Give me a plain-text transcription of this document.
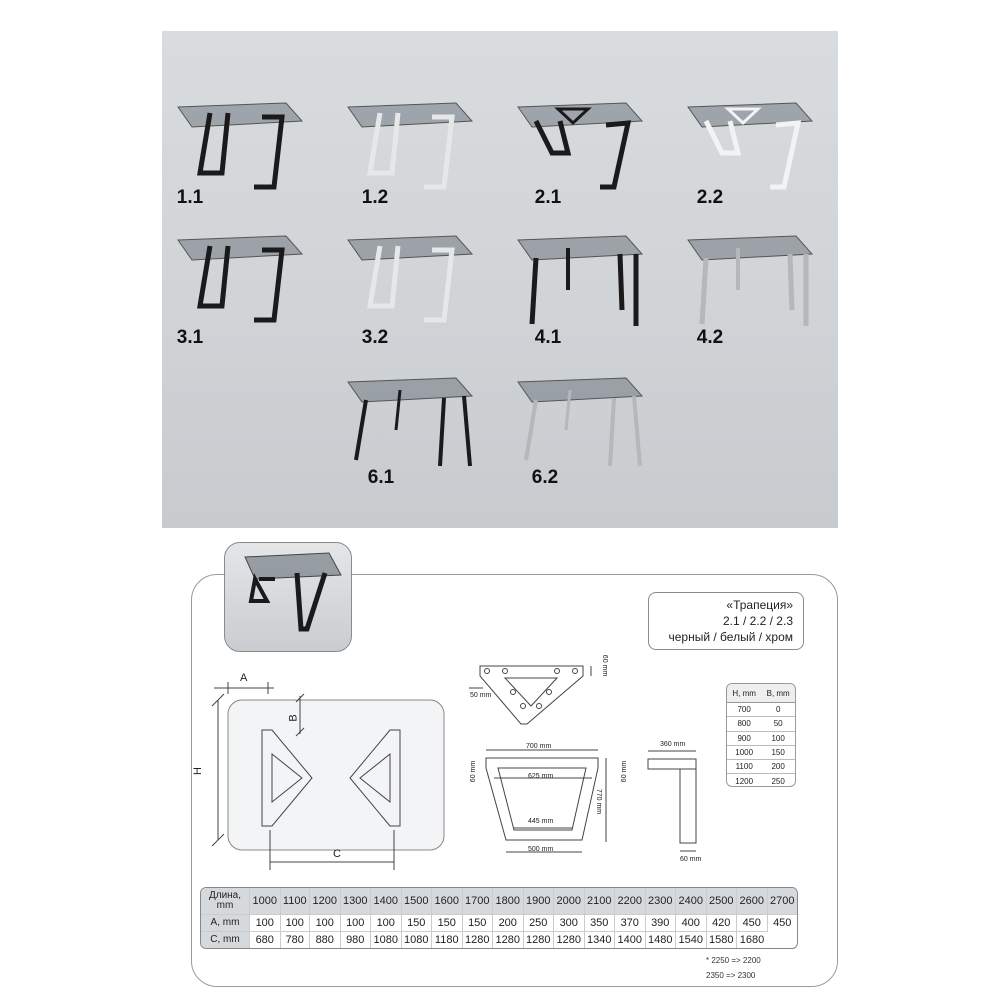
1.1	1.2	2.1	2.2
3.1	3.2	4.1	4.2
6.1	6.2
«Трапеция»
2.1 / 2.2 / 2.3
черный / белый / хром
A
B
H
C
60 mm
50 mm
700 mm
625 mm
445 mm
500 mm
770 mm
60 mm
360 mm
60 mm
60 mm
H, mm	B, mm
700	0
800	50
900	100
1000	150
1100	200
1200	250
Длина, mm	1000	1100	1200	1300	1400	1500	1600	1700	1800	1900	2000	2100	2200	2300	2400	2500	2600	2700
A, mm	100	100	100	100	100	150	150	150	200	250	300	350	370	390	400	420	450	450
C, mm	680	780	880	980	1080	1080	1180	1280	1280	1280	1280	1340	1400	1480	1540	1580	1680	
* 2250 => 2200
2350 => 2300
